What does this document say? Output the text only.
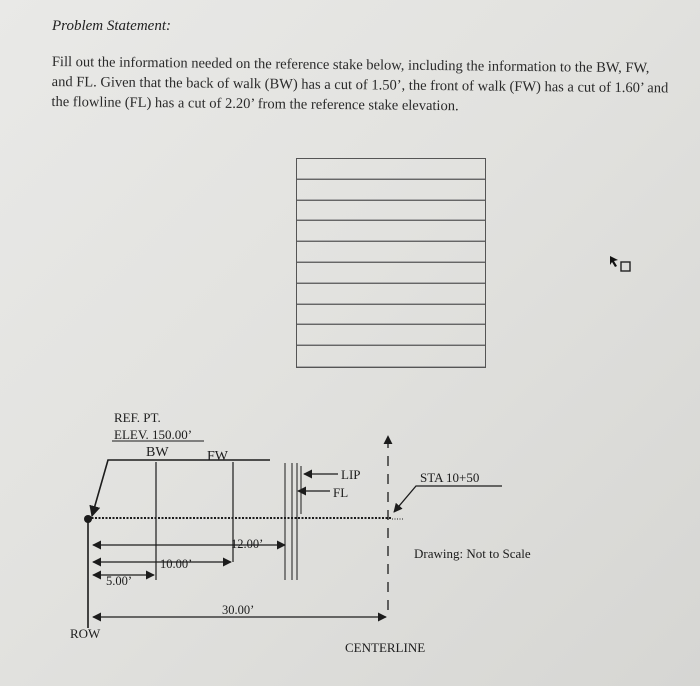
Problem Statement:

Fill out the information needed on the reference stake below, including the information to the BW, FW, and FL. Given that the back of walk (BW) has a cut of 1.50’, the front of walk (FW) has a cut of 1.60’ and the flowline (FL) has a cut of 2.20’ from the reference stake elevation.

REF. PT.
ELEV. 150.00’
BW	FW
LIP
FL
CENTERLINE
STA 10+50
Drawing: Not to Scale
ROW
12.00’
10.00’
5.00’
30.00’
